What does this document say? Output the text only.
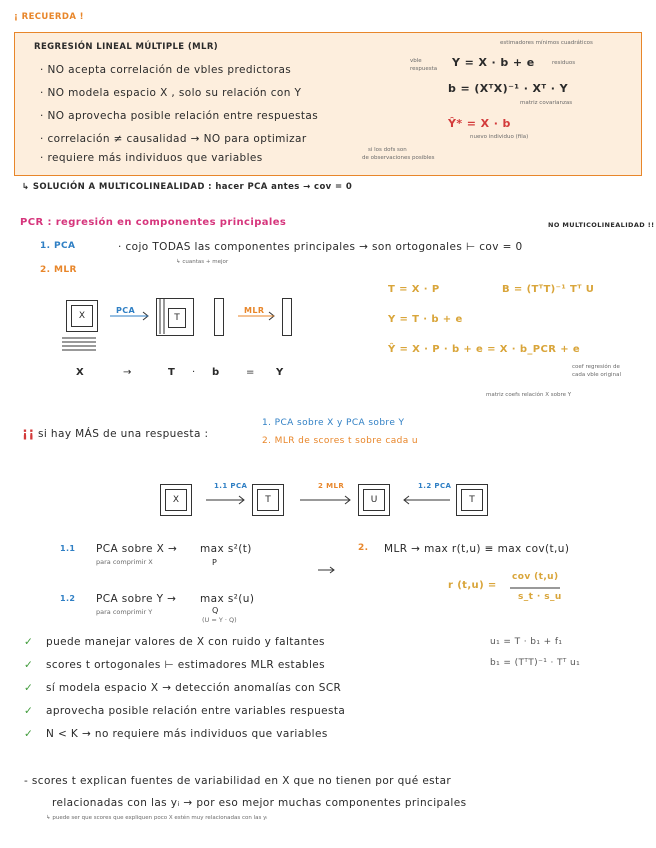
¡ RECUERDA !
REGRESIÓN LINEAL MÚLTIPLE (MLR)
· NO acepta correlación de vbles predictoras
· NO modela espacio X , solo su relación con Y
· NO aprovecha posible relación entre respuestas
· correlación ≠ causalidad → NO para optimizar
· requiere más individuos que variables
si los dofs son
de observaciones posibles
vble
respuesta
estimadores mínimos cuadráticos
Y = X · b + e	residuos
b = (XᵀX)⁻¹ · Xᵀ · Y
matriz covarianzas
Ŷ* = X · b
nuevo individuo (fila)
↳ SOLUCIÓN A MULTICOLINEALIDAD : hacer PCA antes → cov = 0
PCR : regresión en componentes principales	NO MULTICOLINEALIDAD !!
1. PCA	· cojo TODAS las componentes principales → son ortogonales ⊢ cov = 0
↳ cuantas + mejor
2. MLR
X
PCA
T
MLR
X	→	T · b	= Y
T = X · P	B = (TᵀT)⁻¹ Tᵀ U
Y = T · b + e
Ŷ = X · P · b + e = X · b_PCR + e
coef regresión de
cada vble original
matriz coefs relación X sobre Y
¡¡ si hay MÁS de una respuesta :
1. PCA sobre X y PCA sobre Y
2. MLR de scores t sobre cada u
X
1.1 PCA
T
2 MLR
U
1.2 PCA
T
1.1 PCA sobre X → max s²(t)
para comprimir X	P
1.2 PCA sobre Y → max s²(u)
para comprimir Y	Q
(U = Y · Q)
2. MLR → max r(t,u) ≡ max cov(t,u)
r (t,u) =
cov (t,u)
s_t · s_u
✓ puede manejar valores de X con ruido y faltantes
✓ scores t ortogonales ⊢ estimadores MLR estables
✓ sí modela espacio X → detección anomalías con SCR
✓ aprovecha posible relación entre variables respuesta
✓ N < K → no requiere más individuos que variables
u₁ = T · b₁ + f₁
b₁ = (TᵀT)⁻¹ · Tᵀ u₁
- scores t explican fuentes de variabilidad en X que no tienen por qué estar
relacionadas con las yᵢ → por eso mejor muchas componentes principales
↳ puede ser que scores que expliquen poco X estén muy relacionadas con las yᵢ
